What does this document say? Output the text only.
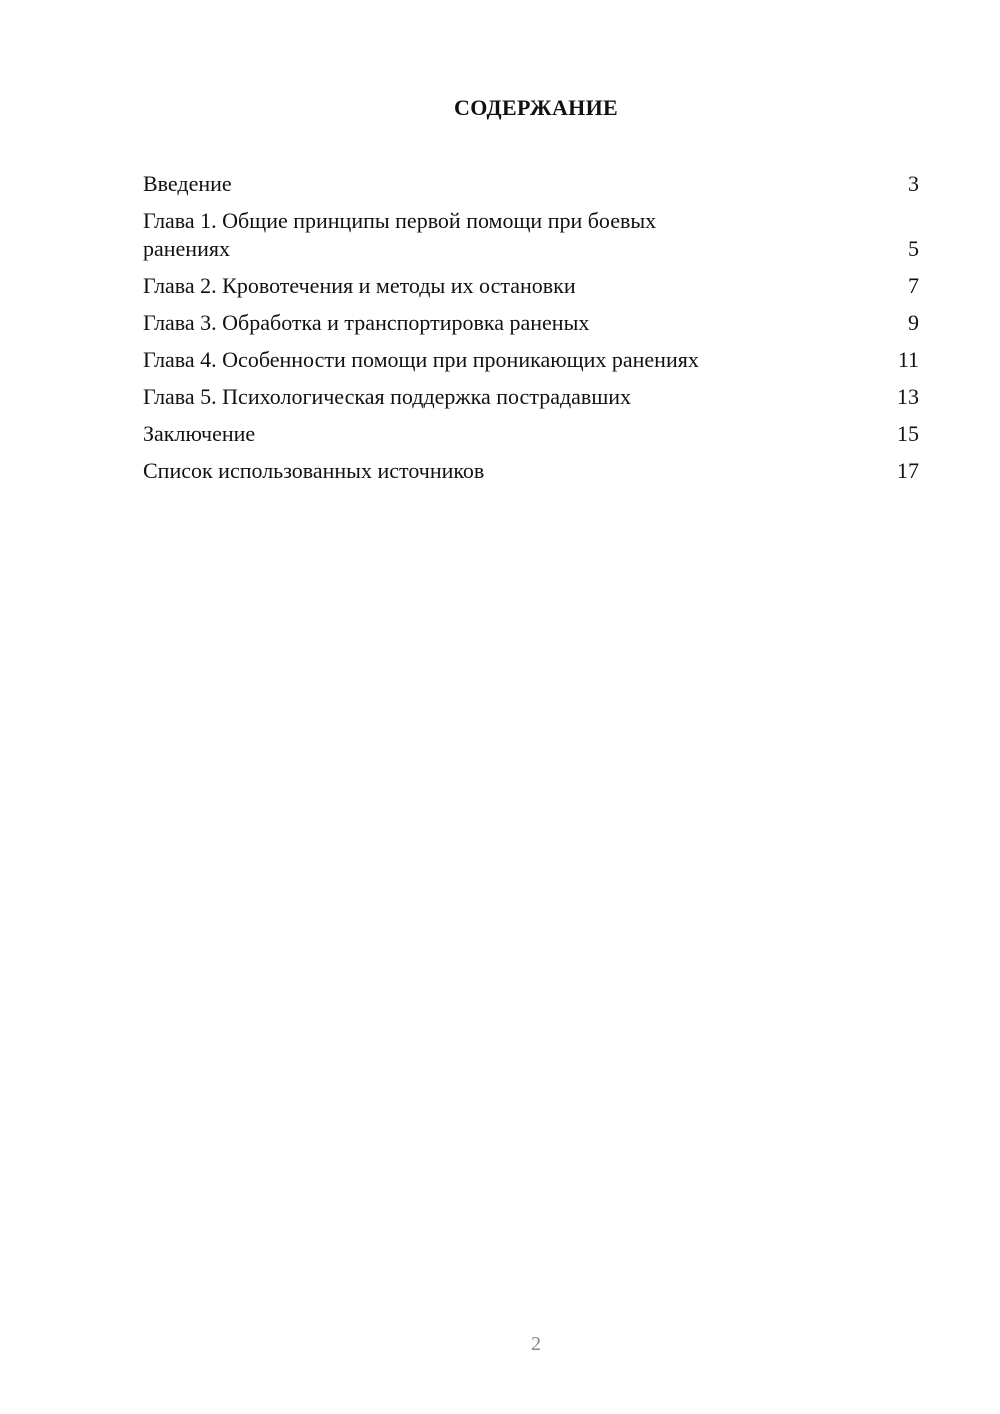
СОДЕРЖАНИЕ
Введение	3
Глава 1. Общие принципы первой помощи при боевых ранениях	5
Глава 2. Кровотечения и методы их остановки	7
Глава 3. Обработка и транспортировка раненых	9
Глава 4. Особенности помощи при проникающих ранениях	11
Глава 5. Психологическая поддержка пострадавших	13
Заключение	15
Список использованных источников	17
2
